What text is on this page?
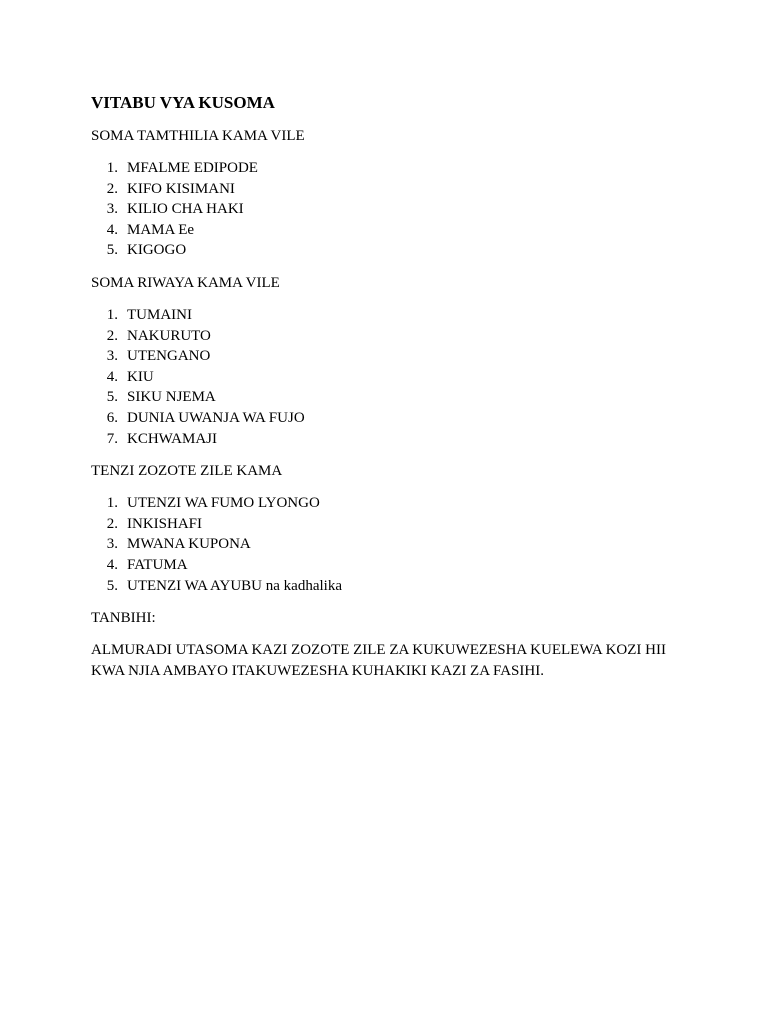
VITABU VYA KUSOMA
SOMA TAMTHILIA KAMA VILE
1. MFALME EDIPODE
2. KIFO KISIMANI
3. KILIO CHA HAKI
4. MAMA Ee
5. KIGOGO
SOMA RIWAYA KAMA VILE
1. TUMAINI
2. NAKURUTO
3. UTENGANO
4. KIU
5. SIKU NJEMA
6. DUNIA UWANJA WA FUJO
7. KCHWAMAJI
TENZI ZOZOTE ZILE KAMA
1. UTENZI WA FUMO LYONGO
2. INKISHAFI
3. MWANA KUPONA
4. FATUMA
5. UTENZI WA AYUBU na kadhalika
TANBIHI:
ALMURADI UTASOMA KAZI ZOZOTE ZILE ZA KUKUWEZESHA KUELEWA KOZI HII KWA NJIA AMBAYO ITAKUWEZESHA KUHAKIKI KAZI ZA FASIHI.
